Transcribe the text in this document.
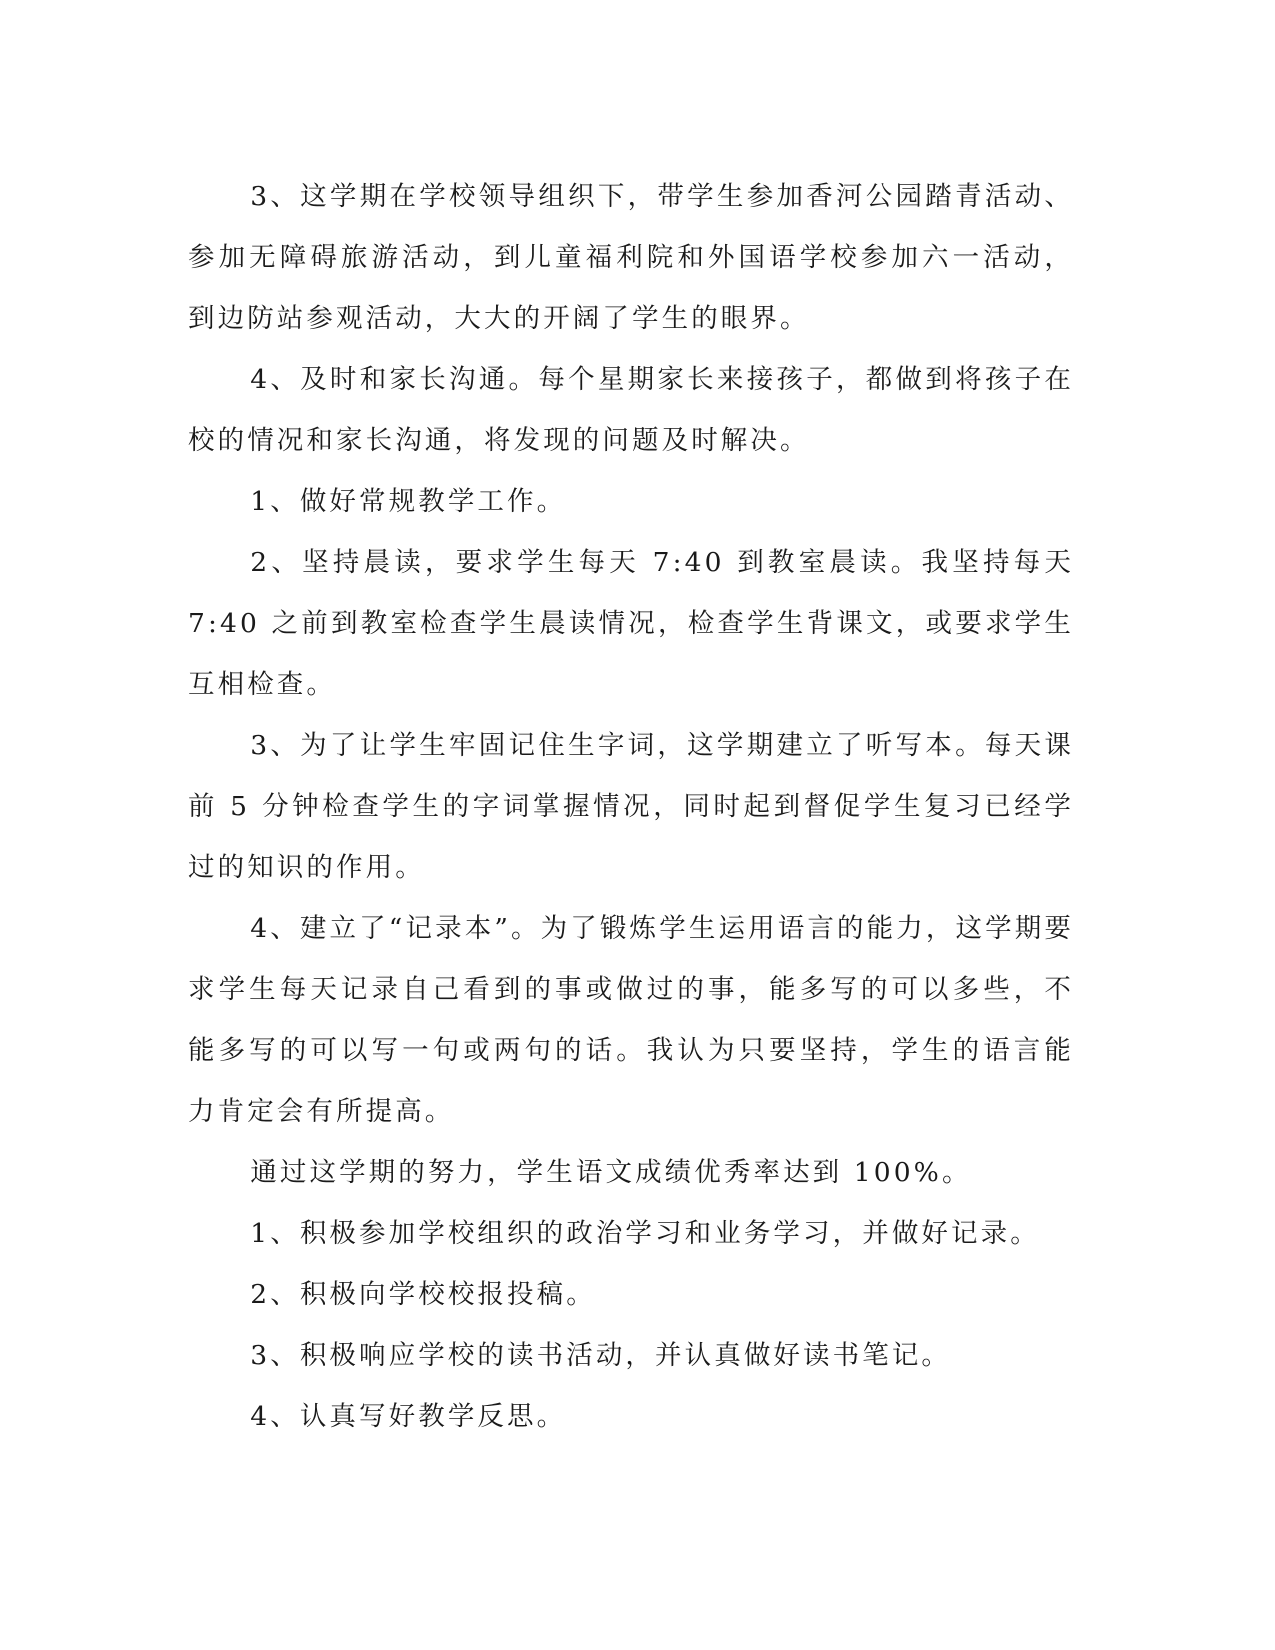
3、这学期在学校领导组织下，带学生参加香河公园踏青活动、参加无障碍旅游活动，到儿童福利院和外国语学校参加六一活动，到边防站参观活动，大大的开阔了学生的眼界。

4、及时和家长沟通。每个星期家长来接孩子，都做到将孩子在校的情况和家长沟通，将发现的问题及时解决。

1、做好常规教学工作。

2、坚持晨读，要求学生每天 7:40 到教室晨读。我坚持每天 7:40 之前到教室检查学生晨读情况，检查学生背课文，或要求学生互相检查。

3、为了让学生牢固记住生字词，这学期建立了听写本。每天课前 5 分钟检查学生的字词掌握情况，同时起到督促学生复习已经学过的知识的作用。

4、建立了“记录本”。为了锻炼学生运用语言的能力，这学期要求学生每天记录自己看到的事或做过的事，能多写的可以多些，不能多写的可以写一句或两句的话。我认为只要坚持，学生的语言能力肯定会有所提高。

通过这学期的努力，学生语文成绩优秀率达到 100%。

1、积极参加学校组织的政治学习和业务学习，并做好记录。

2、积极向学校校报投稿。

3、积极响应学校的读书活动，并认真做好读书笔记。

4、认真写好教学反思。
